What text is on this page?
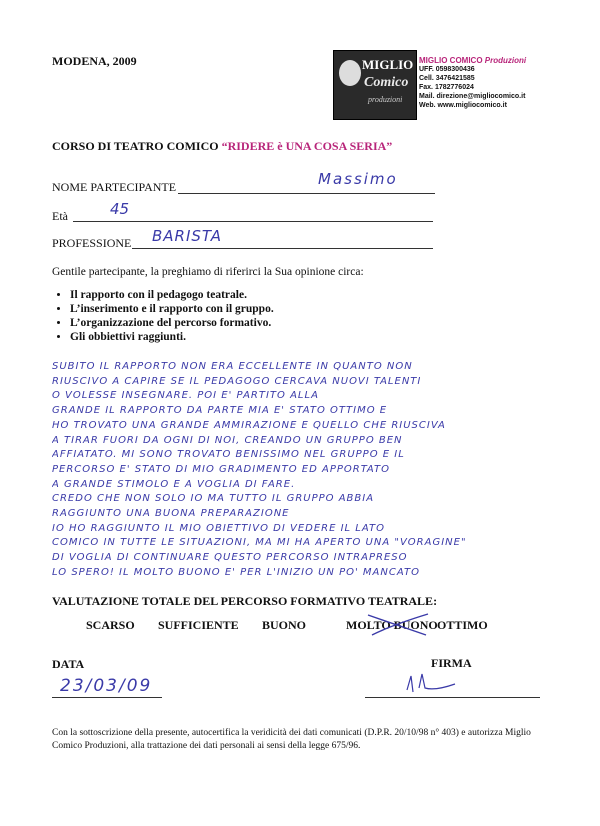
MODENA, 2009	MIGLIO
Comico
produzioni
MIGLIO COMICO Produzioni
UFF. 0598300436
Cell. 3476421585
Fax. 1782776024
Mail. direzione@migliocomico.it
Web. www.migliocomico.it
CORSO DI TEATRO COMICO “RIDERE è UNA COSA SERIA”
NOME PARTECIPANTE	Massimo
Età	45
PROFESSIONE BARISTA
Gentile partecipante, la preghiamo di riferirci la Sua opinione circa:
• Il rapporto con il pedagogo teatrale.
• L’inserimento e il rapporto con il gruppo.
• L’organizzazione del percorso formativo.
• Gli obbiettivi raggiunti.
SUBITO IL RAPPORTO NON ERA ECCELLENTE IN QUANTO NON
RIUSCIVO A CAPIRE SE IL PEDAGOGO CERCAVA NUOVI TALENTI
O VOLESSE INSEGNARE. POI E' PARTITO ALLA
GRANDE IL RAPPORTO DA PARTE MIA E' STATO OTTIMO E
HO TROVATO UNA GRANDE AMMIRAZIONE E QUELLO CHE RIUSCIVA
A TIRAR FUORI DA OGNI DI NOI, CREANDO UN GRUPPO BEN
AFFIATATO. MI SONO TROVATO BENISSIMO NEL GRUPPO E IL
PERCORSO E' STATO DI MIO GRADIMENTO ED APPORTATO
A GRANDE STIMOLO E A VOGLIA DI FARE.
CREDO CHE NON SOLO IO MA TUTTO IL GRUPPO ABBIA
RAGGIUNTO UNA BUONA PREPARAZIONE
IO HO RAGGIUNTO IL MIO OBIETTIVO DI VEDERE IL LATO
COMICO IN TUTTE LE SITUAZIONI, MA MI HA APERTO UNA "VORAGINE"
DI VOGLIA DI CONTINUARE QUESTO PERCORSO INTRAPRESO
LO SPERO! IL MOLTO BUONO E' PER L'INIZIO UN PO' MANCATO
VALUTAZIONE TOTALE DEL PERCORSO FORMATIVO TEATRALE:
SCARSO SUFFICIENTE BUONO	MOLTO BUONO OTTIMO
DATA
23/03/09
FIRMA
Con la sottoscrizione della presente, autocertifica la veridicità dei dati comunicati (D.P.R. 20/10/98 n° 403) e autorizza Miglio Comico Produzioni, alla trattazione dei dati personali ai sensi della legge 675/96.
